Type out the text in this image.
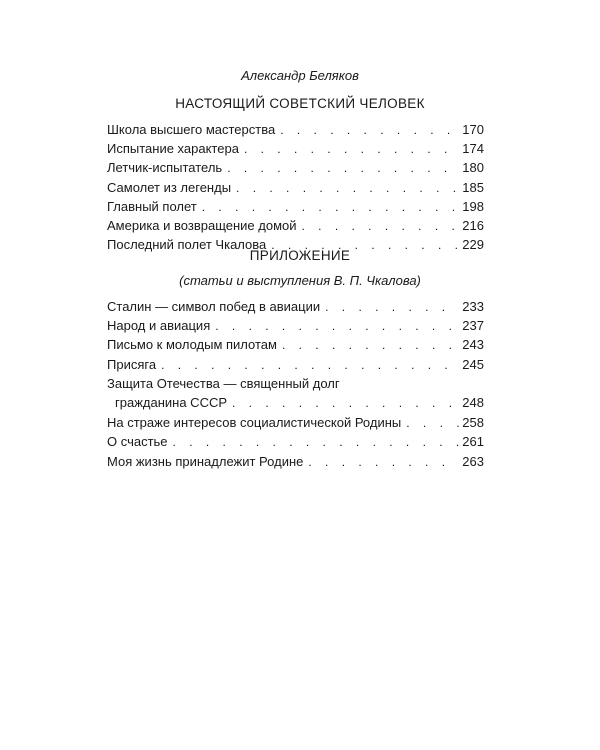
Александр Беляков
НАСТОЯЩИЙ СОВЕТСКИЙ ЧЕЛОВЕК
Школа высшего мастерства . . .	170
Испытание характера . . .	174
Летчик-испытатель . . .	180
Самолет из легенды . . .	185
Главный полет . . .	198
Америка и возвращение домой . . .	216
Последний полет Чкалова . . .	229
ПРИЛОЖЕНИЕ
(статьи и выступления В. П. Чкалова)
Сталин — символ побед в авиации . . .	233
Народ и авиация . . .	237
Письмо к молодым пилотам . . .	243
Присяга . . .	245
Защита Отечества — священный долг
гражданина СССР . . .	248
На страже интересов социалистической Родины . . .	258
О счастье . . .	261
Моя жизнь принадлежит Родине . . .	263
